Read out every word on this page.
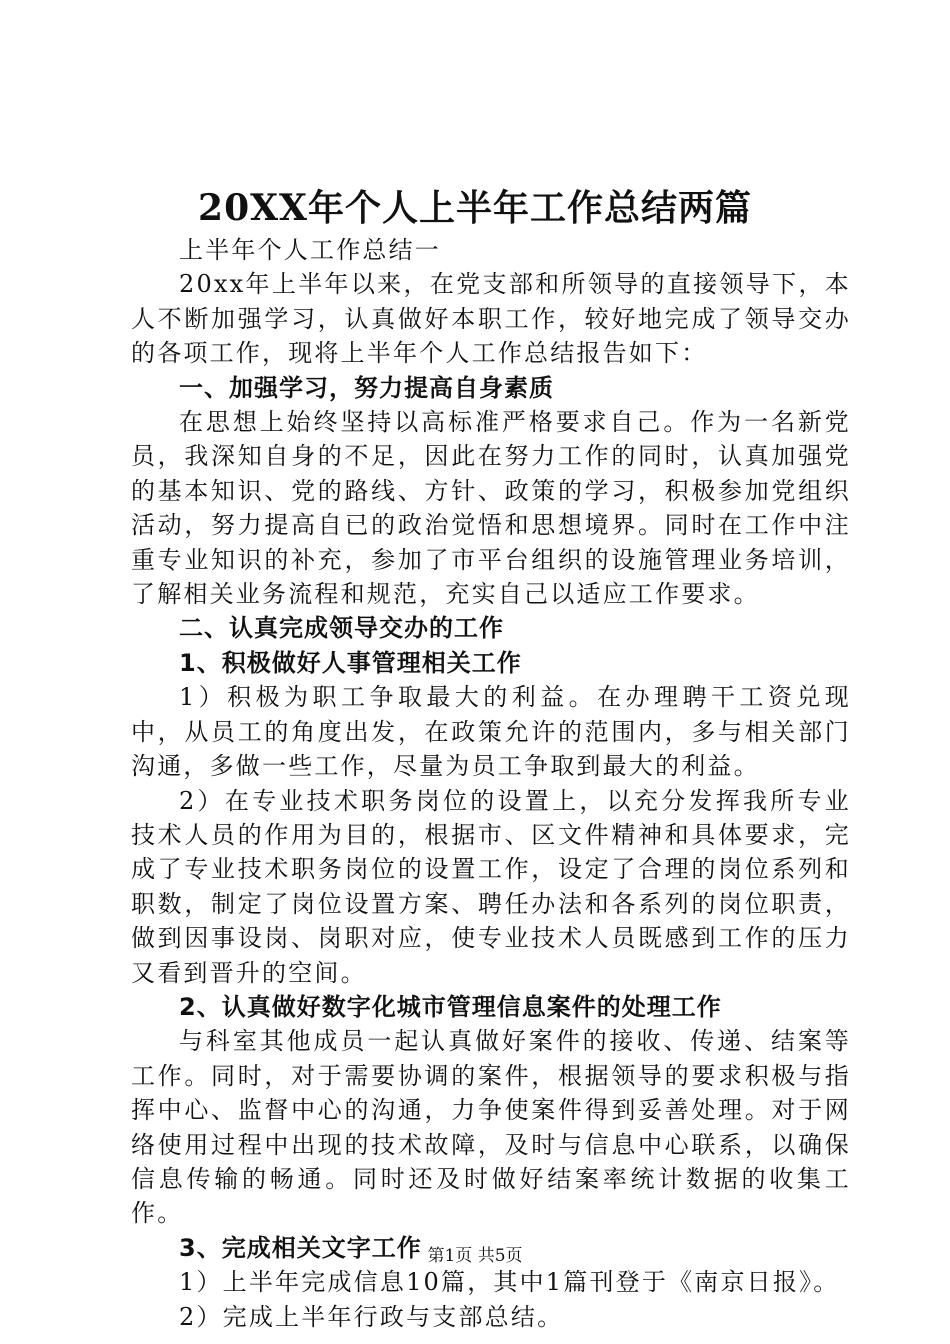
20XX年个人上半年工作总结两篇

上半年个人工作总结一

20xx年上半年以来，在党支部和所领导的直接领导下，本人不断加强学习，认真做好本职工作，较好地完成了领导交办的各项工作，现将上半年个人工作总结报告如下：

一、加强学习，努力提高自身素质

在思想上始终坚持以高标准严格要求自己。作为一名新党员，我深知自身的不足，因此在努力工作的同时，认真加强党的基本知识、党的路线、方针、政策的学习，积极参加党组织活动，努力提高自已的政治觉悟和思想境界。同时在工作中注重专业知识的补充，参加了市平台组织的设施管理业务培训，了解相关业务流程和规范，充实自己以适应工作要求。

二、认真完成领导交办的工作

1、积极做好人事管理相关工作

1）积极为职工争取最大的利益。在办理聘干工资兑现中，从员工的角度出发，在政策允许的范围内，多与相关部门沟通，多做一些工作，尽量为员工争取到最大的利益。

2）在专业技术职务岗位的设置上，以充分发挥我所专业技术人员的作用为目的，根据市、区文件精神和具体要求，完成了专业技术职务岗位的设置工作，设定了合理的岗位系列和职数，制定了岗位设置方案、聘任办法和各系列的岗位职责，做到因事设岗、岗职对应，使专业技术人员既感到工作的压力又看到晋升的空间。

2、认真做好数字化城市管理信息案件的处理工作

与科室其他成员一起认真做好案件的接收、传递、结案等工作。同时，对于需要协调的案件，根据领导的要求积极与指挥中心、监督中心的沟通，力争使案件得到妥善处理。对于网络使用过程中出现的技术故障，及时与信息中心联系，以确保信息传输的畅通。同时还及时做好结案率统计数据的收集工作。

3、完成相关文字工作

1）上半年完成信息10篇，其中1篇刊登于《南京日报》。

2）完成上半年行政与支部总结。

第1页 共5页
